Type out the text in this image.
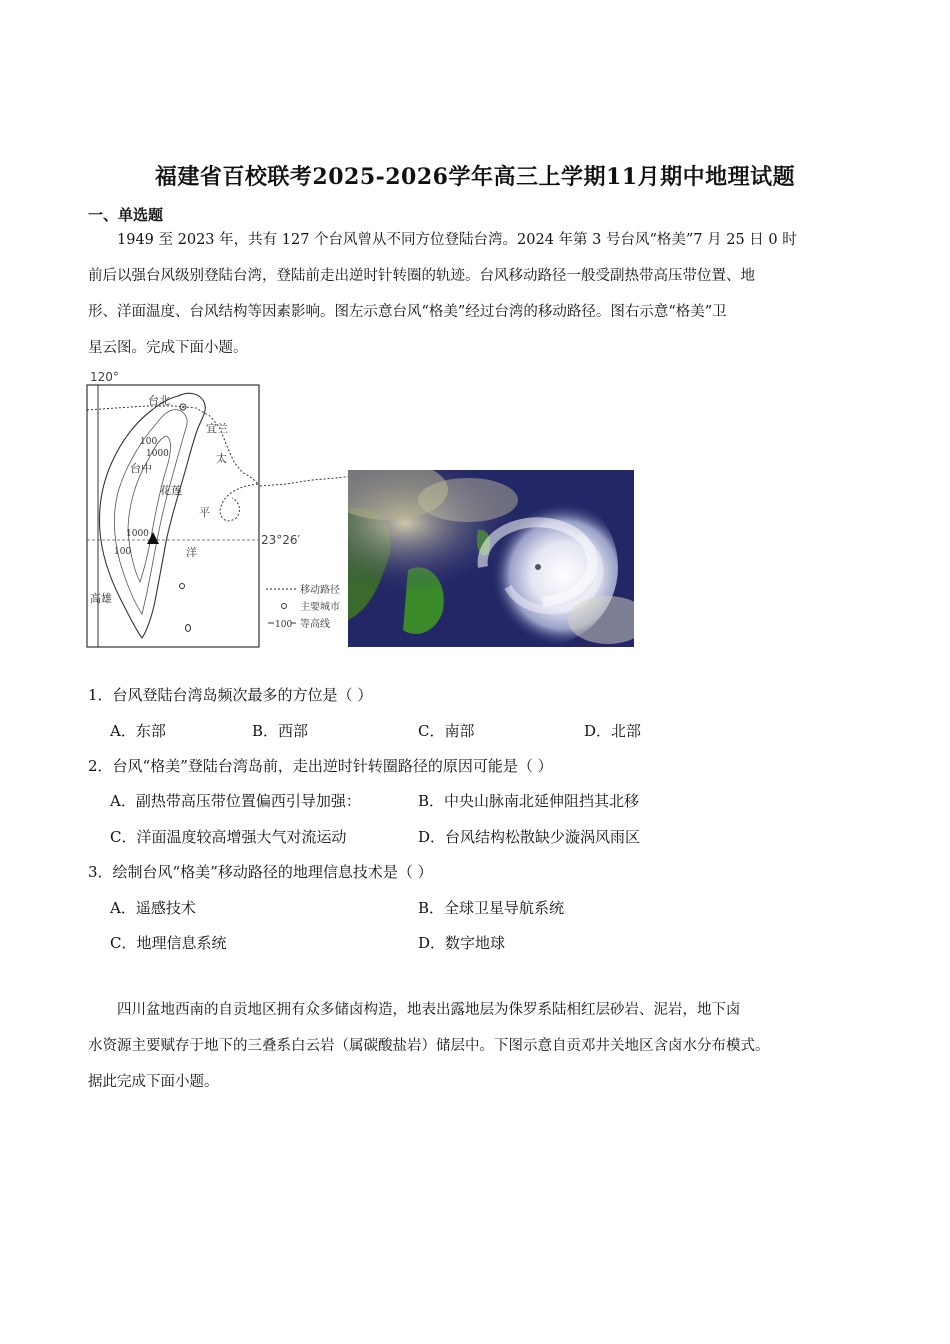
福建省百校联考2025-2026学年高三上学期11月期中地理试题
一、单选题
1949 至 2023 年，共有 127 个台风曾从不同方位登陆台湾。2024 年第 3 号台风“格美”7 月 25 日 0 时
前后以强台风级别登陆台湾，登陆前走出逆时针转圈的轨迹。台风移动路径一般受副热带高压带位置、地
形、洋面温度、台风结构等因素影响。图左示意台风“格美”经过台湾的移动路径。图右示意“格美”卫
星云图。完成下面小题。
120°
23°26′
台北
宜兰
台中
花莲
高雄
100
1000
1000
100
太
平
洋
移动路径
主要城市
100 等高线
1．台风登陆台湾岛频次最多的方位是（ ）
A．东部	B．西部	C．南部	D．北部
2．台风“格美”登陆台湾岛前，走出逆时针转圈路径的原因可能是（ ）
A．副热带高压带位置偏西引导加强：	B．中央山脉南北延伸阻挡其北移
C．洋面温度较高增强大气对流运动	D．台风结构松散缺少漩涡风雨区
3．绘制台风“格美”移动路径的地理信息技术是（ ）
A．遥感技术	B．全球卫星导航系统
C．地理信息系统	D．数字地球
四川盆地西南的自贡地区拥有众多储卤构造，地表出露地层为侏罗系陆相红层砂岩、泥岩，地下卤
水资源主要赋存于地下的三叠系白云岩（属碳酸盐岩）储层中。下图示意自贡邓井关地区含卤水分布模式。
据此完成下面小题。
